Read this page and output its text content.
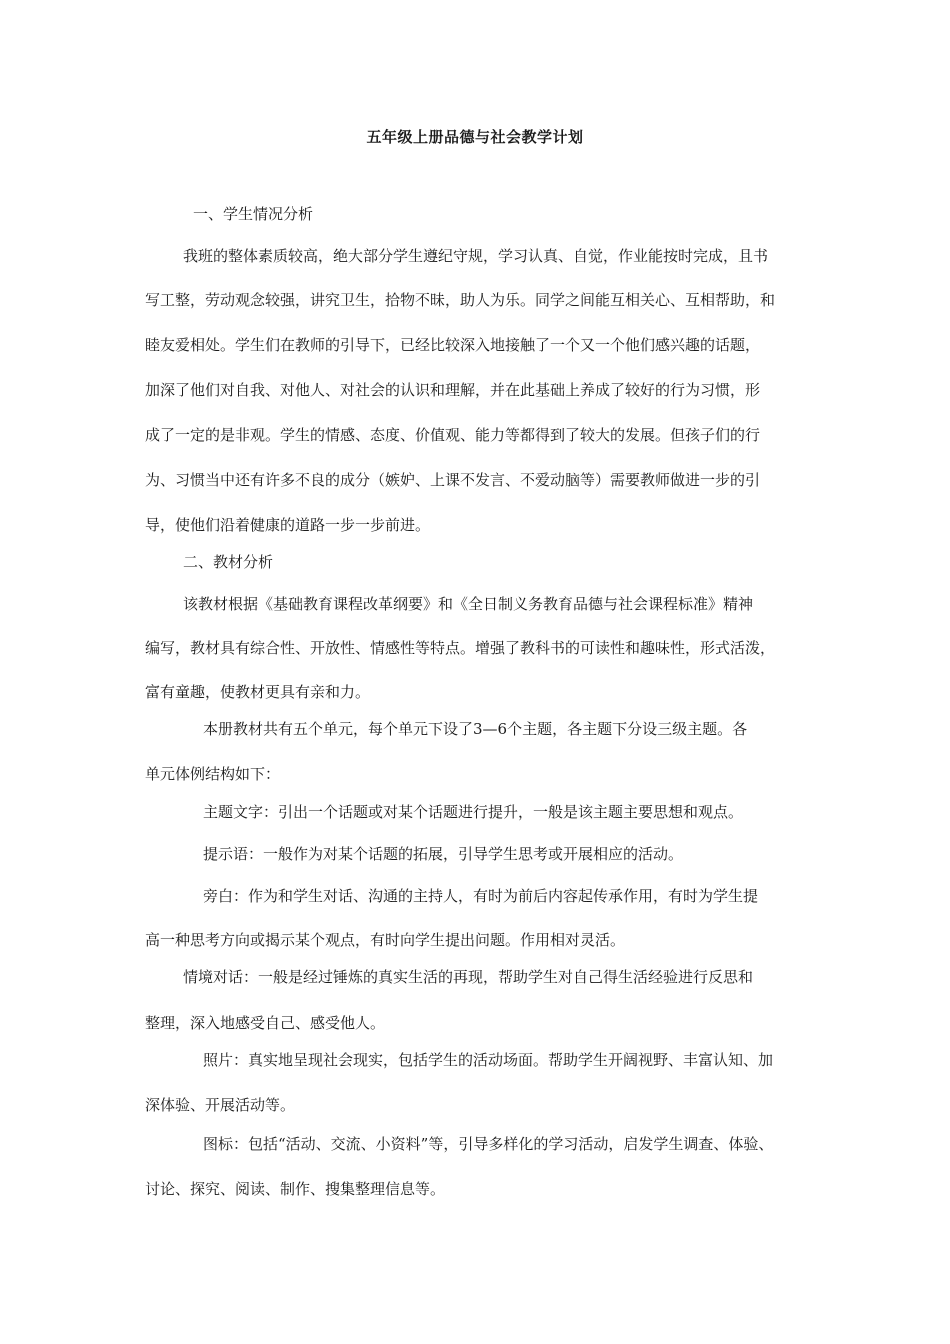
五年级上册品德与社会教学计划
一、学生情况分析
我班的整体素质较高，绝大部分学生遵纪守规，学习认真、自觉，作业能按时完成，且书
写工整，劳动观念较强，讲究卫生，拾物不昧，助人为乐。同学之间能互相关心、互相帮助，和
睦友爱相处。学生们在教师的引导下，已经比较深入地接触了一个又一个他们感兴趣的话题，
加深了他们对自我、对他人、对社会的认识和理解，并在此基础上养成了较好的行为习惯，形
成了一定的是非观。学生的情感、态度、价值观、能力等都得到了较大的发展。但孩子们的行
为、习惯当中还有许多不良的成分（嫉妒、上课不发言、不爱动脑等）需要教师做进一步的引
导，使他们沿着健康的道路一步一步前进。
二、教材分析
该教材根据《基础教育课程改革纲要》和《全日制义务教育品德与社会课程标准》精神
编写，教材具有综合性、开放性、情感性等特点。增强了教科书的可读性和趣味性，形式活泼，
富有童趣，使教材更具有亲和力。
本册教材共有五个单元，每个单元下设了3—6个主题，各主题下分设三级主题。各
单元体例结构如下：
主题文字：引出一个话题或对某个话题进行提升，一般是该主题主要思想和观点。
提示语：一般作为对某个话题的拓展，引导学生思考或开展相应的活动。
旁白：作为和学生对话、沟通的主持人，有时为前后内容起传承作用，有时为学生提
高一种思考方向或揭示某个观点，有时向学生提出问题。作用相对灵活。
情境对话：一般是经过锤炼的真实生活的再现，帮助学生对自己得生活经验进行反思和
整理，深入地感受自己、感受他人。
照片：真实地呈现社会现实，包括学生的活动场面。帮助学生开阔视野、丰富认知、加
深体验、开展活动等。
图标：包括“活动、交流、小资料”等，引导多样化的学习活动，启发学生调查、体验、
讨论、探究、阅读、制作、搜集整理信息等。
